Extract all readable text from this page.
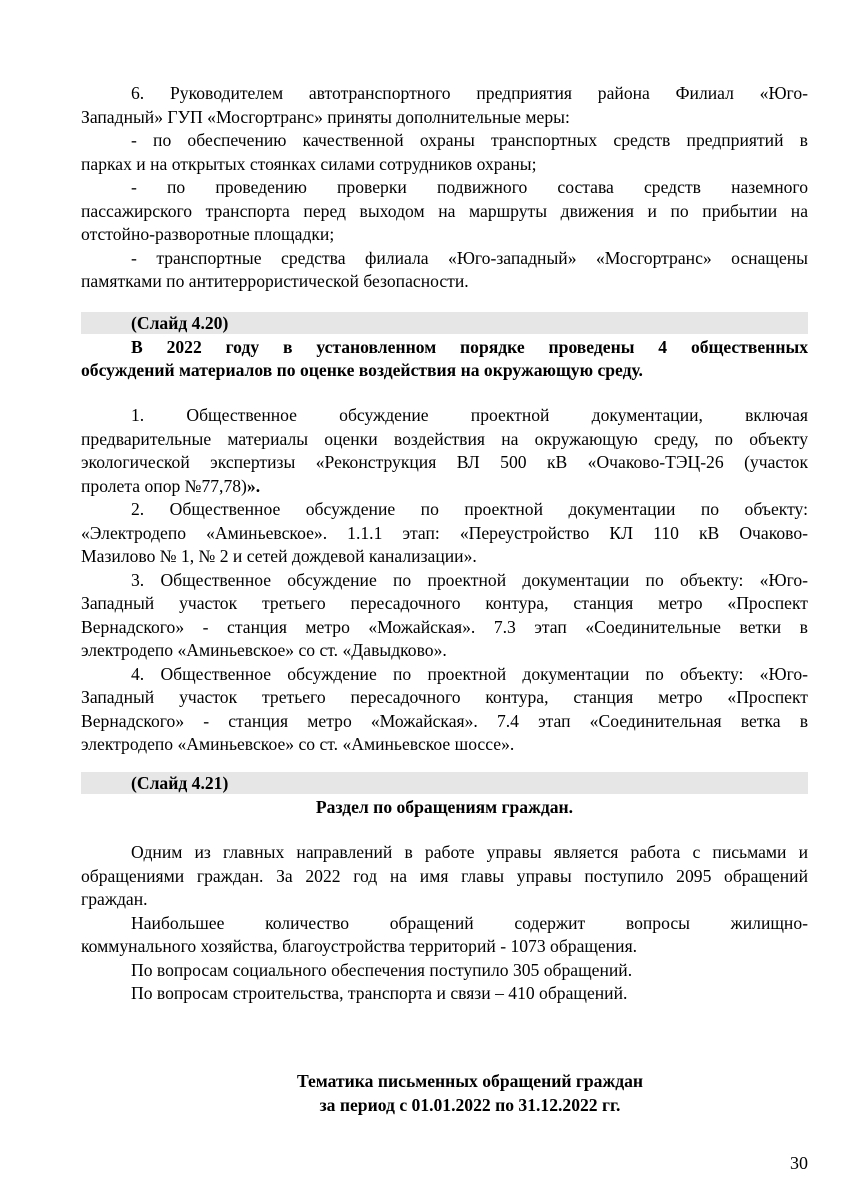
6. Руководителем автотранспортного предприятия района Филиал «Юго-
Западный» ГУП «Мосгортранс» приняты дополнительные меры:
- по обеспечению качественной охраны транспортных средств предприятий в
парках и на открытых стоянках силами сотрудников охраны;
- по проведению проверки подвижного состава средств наземного
пассажирского транспорта перед выходом на маршруты движения и по прибытии на
отстойно-разворотные площадки;
- транспортные средства филиала «Юго-западный» «Мосгортранс» оснащены
памятками по антитеррористической безопасности.
(Слайд 4.20)
В 2022 году в установленном порядке проведены 4 общественных
обсуждений материалов по оценке воздействия на окружающую среду.
1. Общественное обсуждение проектной документации, включая
предварительные материалы оценки воздействия на окружающую среду, по объекту
экологической экспертизы «Реконструкция ВЛ 500 кВ «Очаково-ТЭЦ-26 (участок
пролета опор №77,78)».
2. Общественное обсуждение по проектной документации по объекту:
«Электродепо «Аминьевское». 1.1.1 этап: «Переустройство КЛ 110 кВ Очаково-
Мазилово № 1, № 2 и сетей дождевой канализации».
3. Общественное обсуждение по проектной документации по объекту: «Юго-
Западный участок третьего пересадочного контура, станция метро «Проспект
Вернадского» - станция метро «Можайская». 7.3 этап «Соединительные ветки в
электродепо «Аминьевское» со ст. «Давыдково».
4. Общественное обсуждение по проектной документации по объекту: «Юго-
Западный участок третьего пересадочного контура, станция метро «Проспект
Вернадского» - станция метро «Можайская». 7.4 этап «Соединительная ветка в
электродепо «Аминьевское» со ст. «Аминьевское шоссе».
(Слайд 4.21)
Раздел по обращениям граждан.
Одним из главных направлений в работе управы является работа с письмами и
обращениями граждан. За 2022 год на имя главы управы поступило 2095 обращений
граждан.
Наибольшее количество обращений содержит вопросы жилищно-
коммунального хозяйства, благоустройства территорий - 1073 обращения.
По вопросам социального обеспечения поступило 305 обращений.
По вопросам строительства, транспорта и связи – 410 обращений.
Тематика письменных обращений граждан
за период с 01.01.2022 по 31.12.2022 гг.
30
